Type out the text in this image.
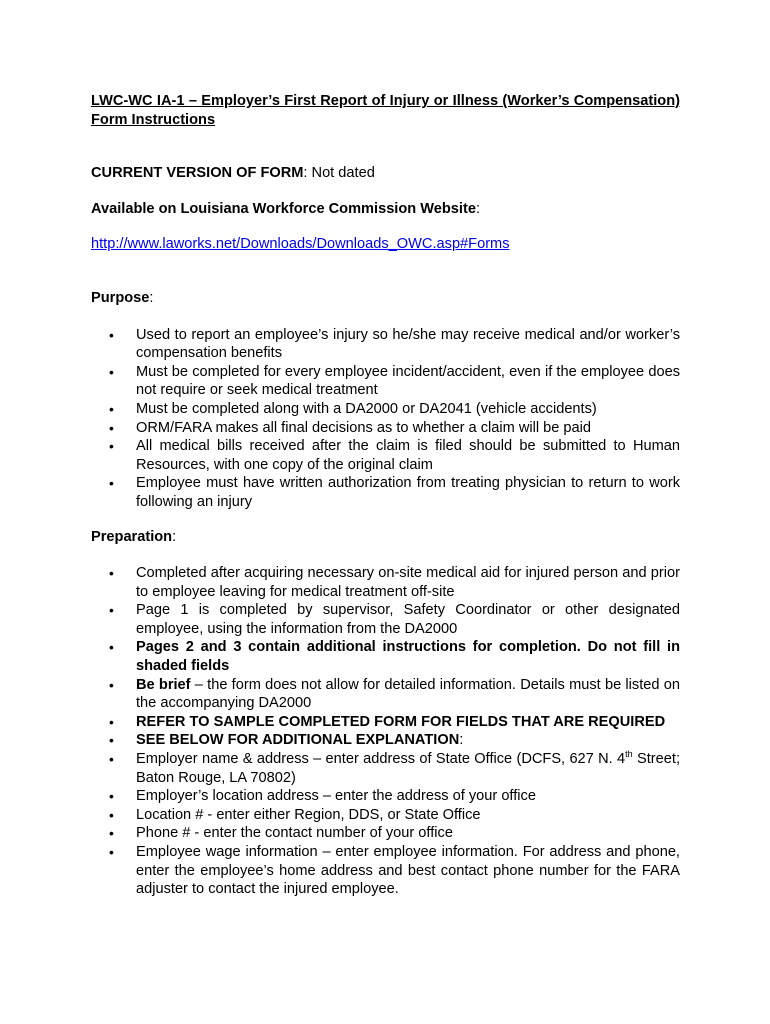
LWC-WC IA-1 – Employer’s First Report of Injury or Illness (Worker’s Compensation) Form Instructions

CURRENT VERSION OF FORM: Not dated

Available on Louisiana Workforce Commission Website:

http://www.laworks.net/Downloads/Downloads_OWC.asp#Forms

Purpose:

• Used to report an employee’s injury so he/she may receive medical and/or worker’s compensation benefits
• Must be completed for every employee incident/accident, even if the employee does not require or seek medical treatment
• Must be completed along with a DA2000 or DA2041 (vehicle accidents)
• ORM/FARA makes all final decisions as to whether a claim will be paid
• All medical bills received after the claim is filed should be submitted to Human Resources, with one copy of the original claim
• Employee must have written authorization from treating physician to return to work following an injury

Preparation:

• Completed after acquiring necessary on-site medical aid for injured person and prior to employee leaving for medical treatment off-site
• Page 1 is completed by supervisor, Safety Coordinator or other designated employee, using the information from the DA2000
• Pages 2 and 3 contain additional instructions for completion. Do not fill in shaded fields
• Be brief – the form does not allow for detailed information. Details must be listed on the accompanying DA2000
• REFER TO SAMPLE COMPLETED FORM FOR FIELDS THAT ARE REQUIRED
• SEE BELOW FOR ADDITIONAL EXPLANATION:
• Employer name & address – enter address of State Office (DCFS, 627 N. 4th Street; Baton Rouge, LA 70802)
• Employer’s location address – enter the address of your office
• Location # - enter either Region, DDS, or State Office
• Phone # - enter the contact number of your office
• Employee wage information – enter employee information. For address and phone, enter the employee’s home address and best contact phone number for the FARA adjuster to contact the injured employee.
